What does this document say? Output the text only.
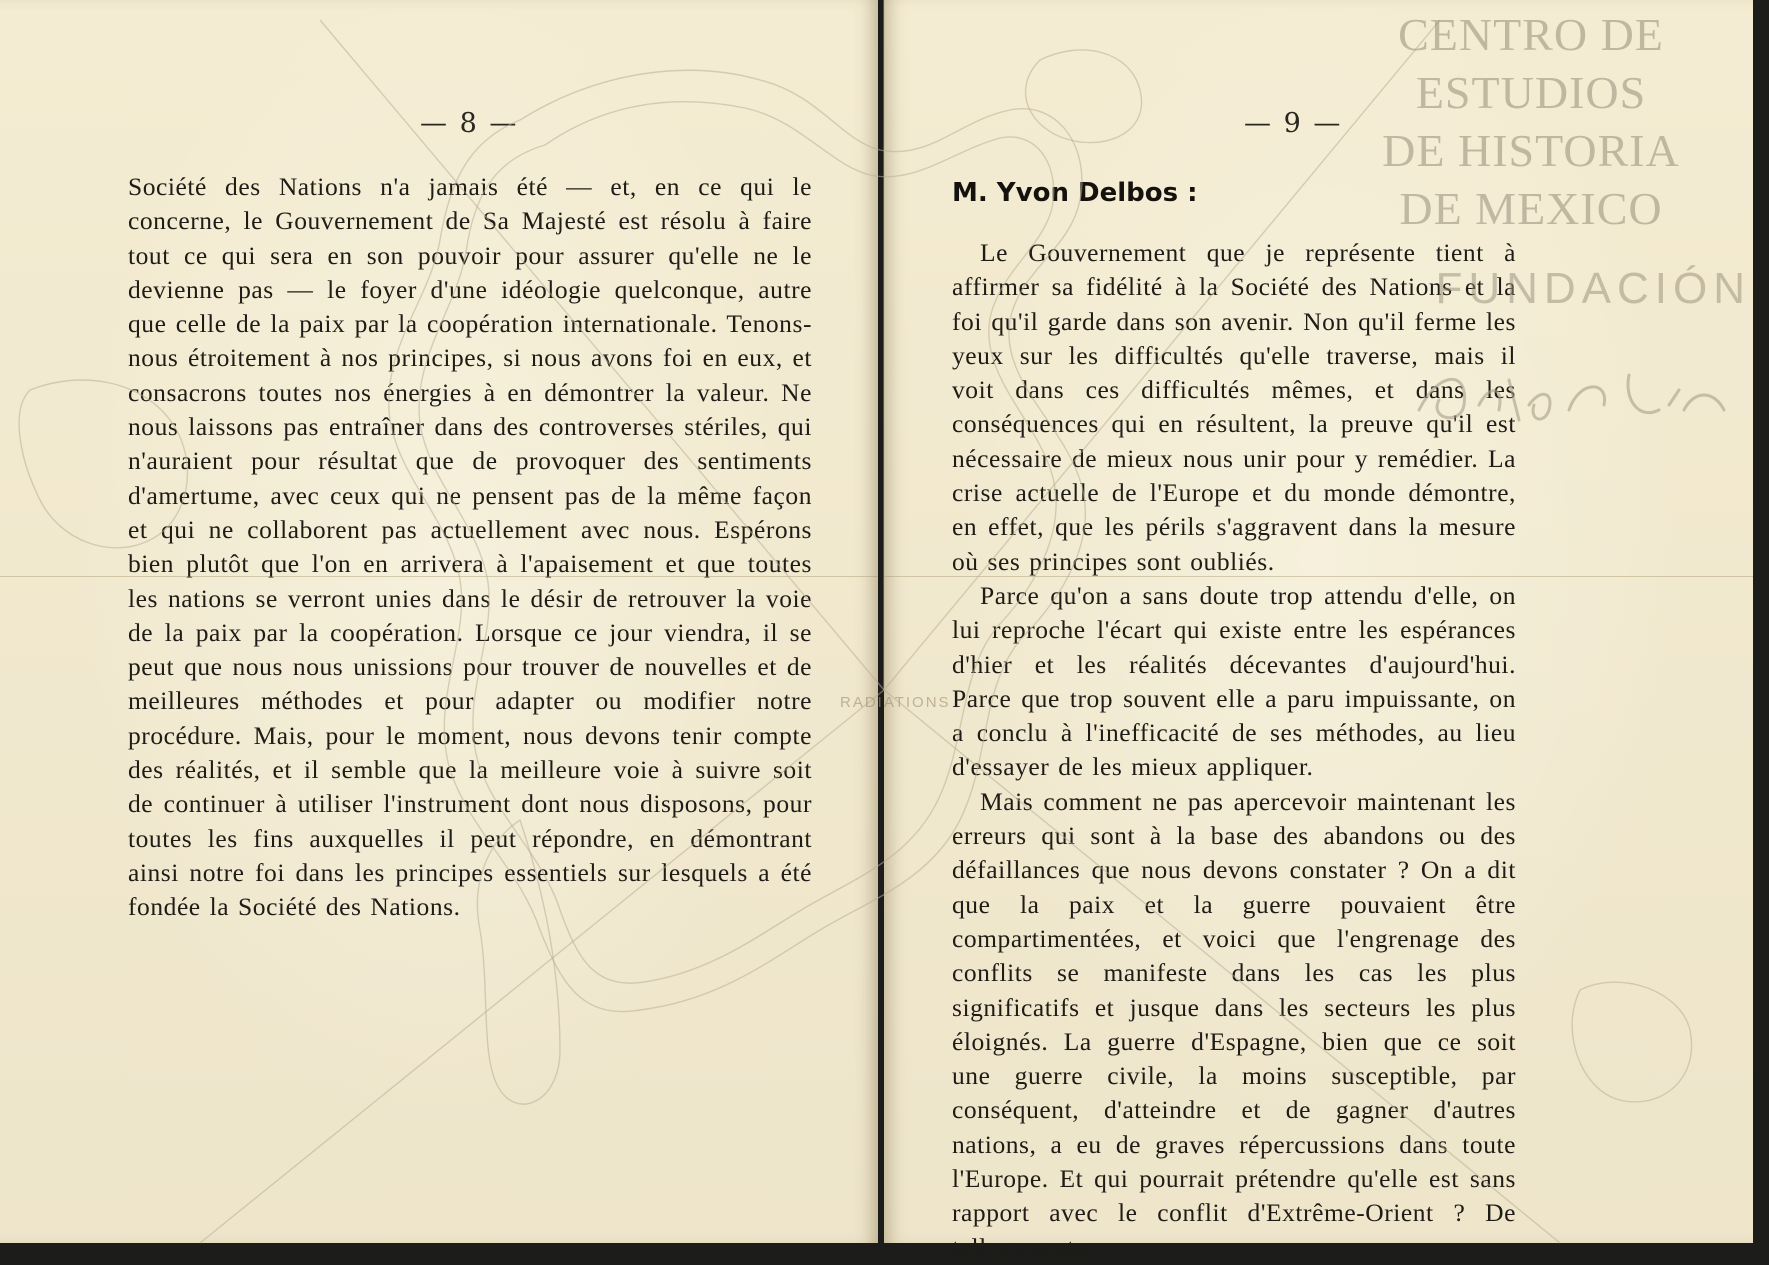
— 8 —

Société des Nations n'a jamais été — et, en ce qui le concerne, le Gouvernement de Sa Majesté est résolu à faire tout ce qui sera en son pouvoir pour assurer qu'elle ne le devienne pas — le foyer d'une idéologie quelconque, autre que celle de la paix par la coopération internationale. Tenons-nous étroitement à nos principes, si nous avons foi en eux, et consacrons toutes nos énergies à en démontrer la valeur. Ne nous laissons pas entraîner dans des controverses stériles, qui n'auraient pour résultat que de provoquer des sentiments d'amertume, avec ceux qui ne pensent pas de la même façon et qui ne collaborent pas actuellement avec nous. Espérons bien plutôt que l'on en arrivera à l'apaisement et que toutes les nations se verront unies dans le désir de retrouver la voie de la paix par la coopération. Lorsque ce jour viendra, il se peut que nous nous unissions pour trouver de nouvelles et de meilleures méthodes et pour adapter ou modifier notre procédure. Mais, pour le moment, nous devons tenir compte des réalités, et il semble que la meilleure voie à suivre soit de continuer à utiliser l'instrument dont nous disposons, pour toutes les fins auxquelles il peut répondre, en démontrant ainsi notre foi dans les principes essentiels sur lesquels a été fondée la Société des Nations.

— 9 —
M. Yvon Delbos :

Le Gouvernement que je représente tient à affirmer sa fidélité à la Société des Nations et la foi qu'il garde dans son avenir. Non qu'il ferme les yeux sur les difficultés qu'elle traverse, mais il voit dans ces difficultés mêmes, et dans les conséquences qui en résultent, la preuve qu'il est nécessaire de mieux nous unir pour y remédier. La crise actuelle de l'Europe et du monde démontre, en effet, que les périls s'aggravent dans la mesure où ses principes sont oubliés.

Parce qu'on a sans doute trop attendu d'elle, on lui reproche l'écart qui existe entre les espérances d'hier et les réalités décevantes d'aujourd'hui. Parce que trop souvent elle a paru impuissante, on a conclu à l'inefficacité de ses méthodes, au lieu d'essayer de les mieux appliquer.

Mais comment ne pas apercevoir maintenant les erreurs qui sont à la base des abandons ou des défaillances que nous devons constater ? On a dit que la paix et la guerre pouvaient être compartimentées, et voici que l'engrenage des conflits se manifeste dans les cas les plus significatifs et jusque dans les secteurs les plus éloignés. La guerre d'Espagne, bien que ce soit une guerre civile, la moins susceptible, par conséquent, d'atteindre et de gagner d'autres nations, a eu de graves répercussions dans toute l'Europe. Et qui pourrait prétendre qu'elle est sans rapport avec le conflit d'Extrême-Orient ? De telles consta-

RADIATIONS
CENTRO DE
ESTUDIOS
DE HISTORIA
DE MEXICO
FUNDACIÓN
